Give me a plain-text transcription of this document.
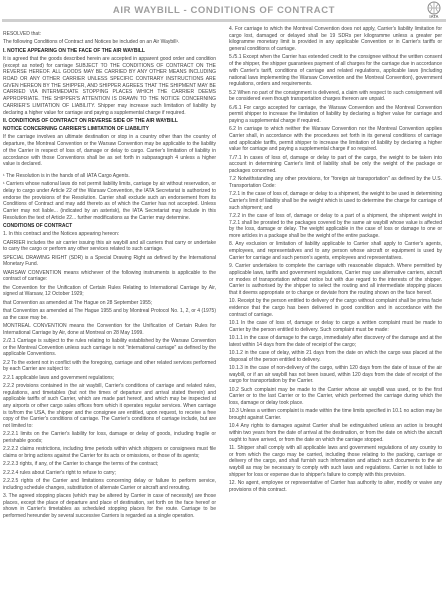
AIR WAYBILL - CONDITIONS OF CONTRACT
IATA

RESOLVED that:

The following Conditions of Contract and Notices be included on an Air Waybill¹.

I. NOTICE APPEARING ON THE FACE OF THE AIR WAYBILL

It is agreed that the goods described herein are accepted in apparent good order and condition (except as noted) for carriage SUBJECT TO THE CONDITIONS OF CONTRACT ON THE REVERSE HEREOF. ALL GOODS MAY BE CARRIED BY ANY OTHER MEANS INCLUDING ROAD OR ANY OTHER CARRIER UNLESS SPECIFIC CONTRARY INSTRUCTIONS ARE GIVEN HEREON BY THE SHIPPER, AND SHIPPER AGREES THAT THE SHIPMENT MAY BE CARRIED VIA INTERMEDIATE STOPPING PLACES WHICH THE CARRIER DEEMS APPROPRIATE. THE SHIPPER'S ATTENTION IS DRAWN TO THE NOTICE CONCERNING CARRIER'S LIMITATION OF LIABILITY. Shipper may increase such limitation of liability by declaring a higher value for carriage and paying a supplemental charge if required.

II. CONDITIONS OF CONTRACT ON REVERSE SIDE OF THE AIR WAYBILL

NOTICE CONCERNING CARRIER'S LIMITATION OF LIABILITY

If the carriage involves an ultimate destination or stop in a country other than the country of departure, the Montreal Convention or the Warsaw Convention may be applicable to the liability of the Carrier in respect of loss of, damage or delay to cargo. Carrier's limitation of liability in accordance with those Conventions shall be as set forth in subparagraph 4 unless a higher value is declared.

¹ The Resolution is in the hands of all IATA Cargo Agents.

¹ Carriers whose national laws do not permit liability limits, carriage by air without reservation, or delay to cargo under Article 22 of the Warsaw Convention, the IATA Secretariat is authorized to endorse the provisions of the Resolution. Carrier shall exclude such an endorsement from its Conditions of Contract and may add thereto as of which the Carrier has not accepted. Unless Carrier may not liable... (indicated by an asterisk), the IATA Secretariat may include in this Resolution the text of Article 22... further modifications as the Carrier may determine.

CONDITIONS OF CONTRACT

1. In this contract and the Notices appearing hereon:

CARRIER includes the air carrier issuing this air waybill and all carriers that carry or undertake to carry the cargo or perform any other services related to such carriage.

SPECIAL DRAWING RIGHT (SDR) is a Special Drawing Right as defined by the International Monetary Fund.

WARSAW CONVENTION means whichever of the following instruments is applicable to the contract of carriage:

the Convention for the Unification of Certain Rules Relating to International Carriage by Air, signed at Warsaw, 12 October 1929;

that Convention as amended at The Hague on 28 September 1955;

that Convention as amended at The Hague 1955 and by Montreal Protocol No. 1, 2, or 4 (1975) as the case may be.

MONTREAL CONVENTION means the Convention for the Unification of Certain Rules for International Carriage by Air, done at Montreal on 28 May 1999.

2./2.1 Carriage is subject to the rules relating to liability established by the Warsaw Convention or the Montreal Convention unless such carriage is not "international carriage" as defined by the applicable Conventions.

2.2 To the extent not in conflict with the foregoing, carriage and other related services performed by each Carrier are subject to:

2.2.1 applicable laws and government regulations;

2.2.2 provisions contained in the air waybill, Carrier's conditions of carriage and related rules, regulations, and timetables (but not the times of departure and arrival stated therein) and applicable tariffs of such Carrier, which are made part hereof, and which may be inspected at any airports or other cargo sales offices from which it operates regular services. When carriage is to/from the USA, the shipper and the consignee are entitled, upon request, to receive a free copy of the Carrier's conditions of carriage. The Carrier's conditions of carriage include, but are not limited to:

2.2.2.1 limits on the Carrier's liability for loss, damage or delay of goods, including fragile or perishable goods;

2.2.2.2 claims restrictions, including time periods within which shippers or consignees must file claims or bring actions against the Carrier for its acts or omissions, or those of its agents;

2.2.2.3 rights, if any, of the Carrier to change the terms of the contract;

2.2.2.4 rules about Carrier's right to refuse to carry;

2.2.2.5 rights of the Carrier and limitations concerning delay or failure to perform service, including schedule changes, substitution of alternate Carrier or aircraft and rerouting.

3. The agreed stopping places (which may be altered by Carrier in case of necessity) are those places, except the place of departure and place of destination, set forth on the face hereof or shown in Carrier's timetables as scheduled stopping places for the route. Carriage to be performed hereunder by several successive Carriers is regarded as a single operation.

4. For carriage to which the Montreal Convention does not apply, Carrier's liability limitation for cargo lost, damaged or delayed shall be 19 SDRs per kilogramme unless a greater per kilogramme monetary limit is provided in any applicable Convention or in Carrier's tariffs or general conditions of carriage.

5./5.1 Except when the Carrier has extended credit to the consignee without the written consent of the shipper, the shipper guarantees payment of all charges for the carriage due in accordance with Carrier's tariff, conditions of carriage and related regulations, applicable laws (including national laws implementing the Warsaw Convention and the Montreal Convention), government regulations, orders and requirements.

5.2 When no part of the consignment is delivered, a claim with respect to such consignment will be considered even though transportation charges thereon are unpaid.

6./6.1 For cargo accepted for carriage, the Warsaw Convention and the Montreal Convention permit shipper to increase the limitation of liability by declaring a higher value for carriage and paying a supplemental charge if required.

6.2 In carriage to which neither the Warsaw Convention nor the Montreal Convention applies Carrier shall, in accordance with the procedures set forth in its general conditions of carriage and applicable tariffs, permit shipper to increase the limitation of liability by declaring a higher value for carriage and paying a supplemental charge if so required.

7./7.1 In cases of loss of, damage or delay to part of the cargo, the weight to be taken into account in determining Carrier's limit of liability shall be only the weight of the package or packages concerned.

7.2 Notwithstanding any other provisions, for "foreign air transportation" as defined by the U.S. Transportation Code:

7.2.1 in the case of loss of, damage or delay to a shipment, the weight to be used in determining Carrier's limit of liability shall be the weight which is used to determine the charge for carriage of such shipment; and

7.2.2 in the case of loss of, damage or delay to a part of a shipment, the shipment weight in 7.2.1 shall be prorated to the packages covered by the same air waybill whose value is affected by the loss, damage or delay. The weight applicable in the case of loss or damage to one or more articles in a package shall be the weight of the entire package.

8. Any exclusion or limitation of liability applicable to Carrier shall apply to Carrier's agents, employees, and representatives and to any person whose aircraft or equipment is used by Carrier for carriage and such person's agents, employees and representatives.

9. Carrier undertakes to complete the carriage with reasonable dispatch. Where permitted by applicable laws, tariffs and government regulations, Carrier may use alternative carriers, aircraft or modes of transportation without notice but with due regard to the interests of the shipper. Carrier is authorised by the shipper to select the routing and all intermediate stopping places that it deems appropriate or to change or deviate from the routing shown on the face hereof.

10. Receipt by the person entitled to delivery of the cargo without complaint shall be prima facie evidence that the cargo has been delivered in good condition and in accordance with the contract of carriage.

10.1 In the case of loss of, damage or delay to cargo a written complaint must be made to Carrier by the person entitled to delivery. Such complaint must be made:

10.1.1 in the case of damage to the cargo, immediately after discovery of the damage and at the latest within 14 days from the date of receipt of the cargo;

10.1.2 in the case of delay, within 21 days from the date on which the cargo was placed at the disposal of the person entitled to delivery.

10.1.3 in the case of non-delivery of the cargo, within 120 days from the date of issue of the air waybill, or if an air waybill has not been issued, within 120 days from the date of receipt of the cargo for transportation by the Carrier.

10.2 Such complaint may be made to the Carrier whose air waybill was used, or to the first Carrier or to the last Carrier or to the Carrier, which performed the carriage during which the loss, damage or delay took place.

10.3 Unless a written complaint is made within the time limits specified in 10.1 no action may be brought against Carrier.

10.4 Any rights to damages against Carrier shall be extinguished unless an action is brought within two years from the date of arrival at the destination, or from the date on which the aircraft ought to have arrived, or from the date on which the carriage stopped.

11. Shipper shall comply with all applicable laws and government regulations of any country to or from which the cargo may be carried, including those relating to the packing, carriage or delivery of the cargo, and shall furnish such information and attach such documents to the air waybill as may be necessary to comply with such laws and regulations. Carrier is not liable to shipper for loss or expense due to shipper's failure to comply with this provision.

12. No agent, employee or representative of Carrier has authority to alter, modify or waive any provisions of this contract.
